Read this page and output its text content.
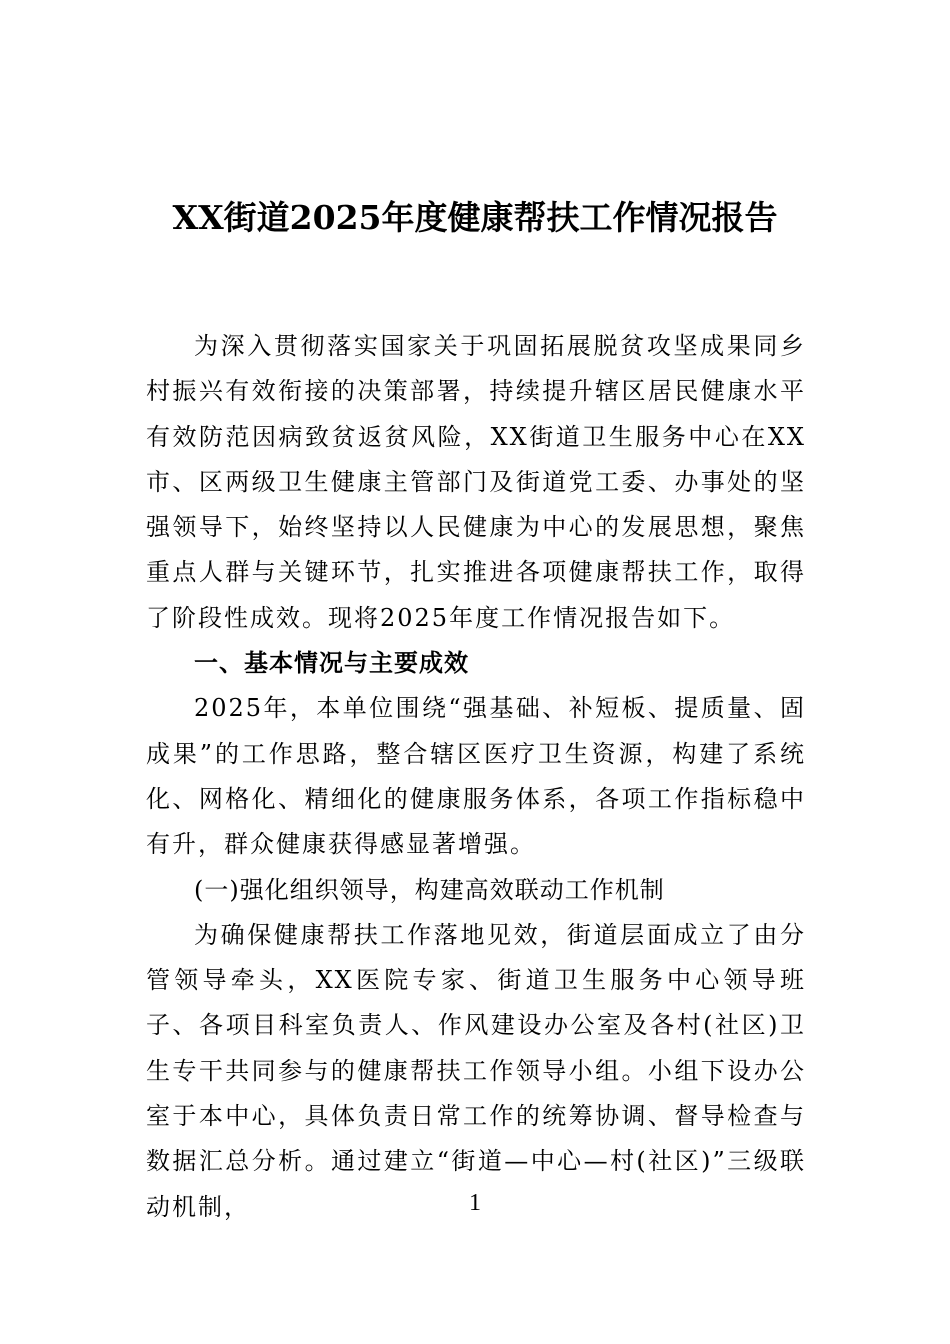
XX街道2025年度健康帮扶工作情况报告

为深入贯彻落实国家关于巩固拓展脱贫攻坚成果同乡村振兴有效衔接的决策部署，持续提升辖区居民健康水平有效防范因病致贫返贫风险，XX街道卫生服务中心在XX市、区两级卫生健康主管部门及街道党工委、办事处的坚强领导下，始终坚持以人民健康为中心的发展思想，聚焦重点人群与关键环节，扎实推进各项健康帮扶工作，取得了阶段性成效。现将2025年度工作情况报告如下。

一、基本情况与主要成效

2025年，本单位围绕“强基础、补短板、提质量、固成果”的工作思路，整合辖区医疗卫生资源，构建了系统化、网格化、精细化的健康服务体系，各项工作指标稳中有升，群众健康获得感显著增强。

(一)强化组织领导，构建高效联动工作机制

为确保健康帮扶工作落地见效，街道层面成立了由分管领导牵头，XX医院专家、街道卫生服务中心领导班子、各项目科室负责人、作风建设办公室及各村(社区)卫生专干共同参与的健康帮扶工作领导小组。小组下设办公室于本中心，具体负责日常工作的统筹协调、督导检查与数据汇总分析。通过建立“街道—中心—村(社区)”三级联动机制，	1
